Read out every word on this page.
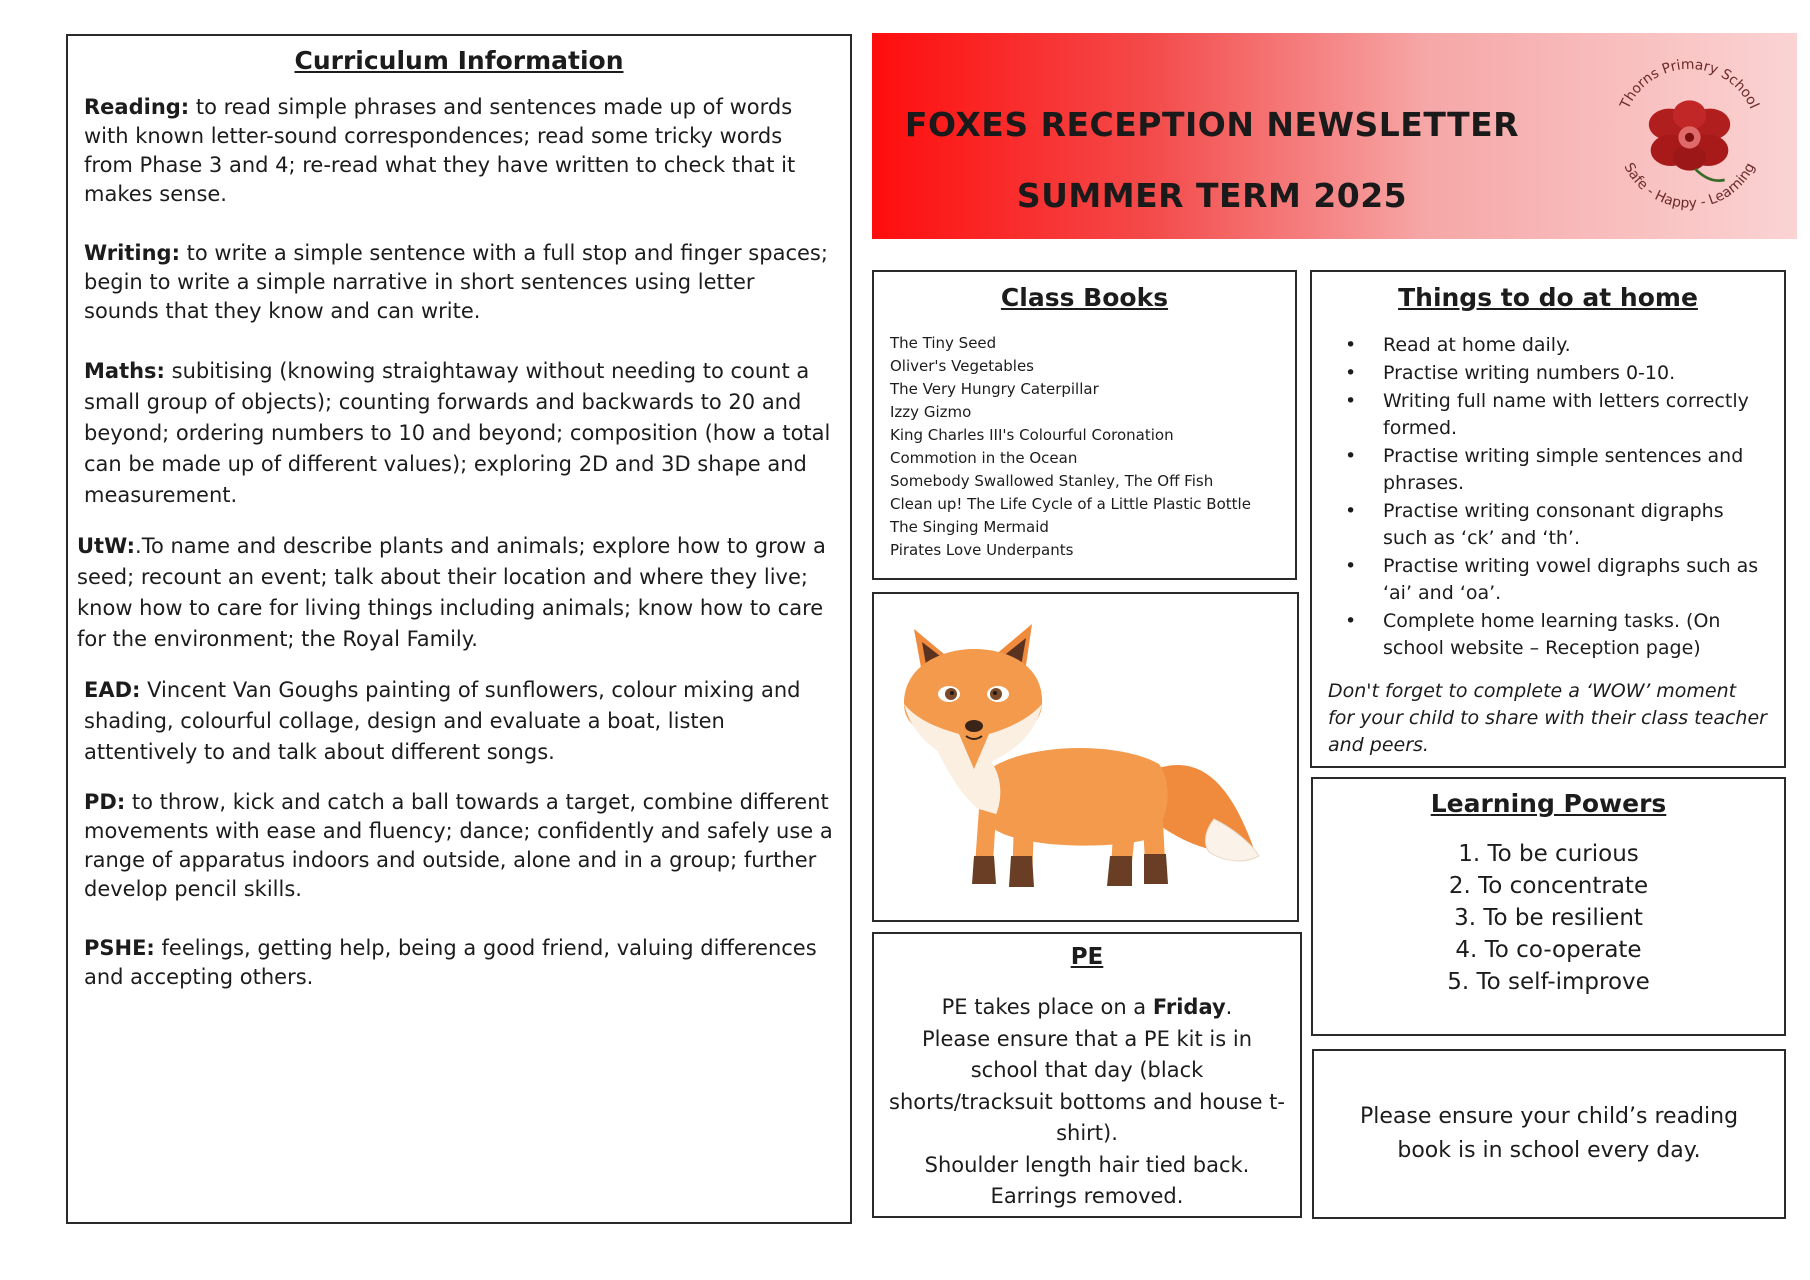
Curriculum Information

Reading: to read simple phrases and sentences made up of words with known letter-sound correspondences; read some tricky words from Phase 3 and 4; re-read what they have written to check that it makes sense.

Writing: to write a simple sentence with a full stop and finger spaces; begin to write a simple narrative in short sentences using letter sounds that they know and can write.

Maths: subitising (knowing straightaway without needing to count a small group of objects); counting forwards and backwards to 20 and beyond; ordering numbers to 10 and beyond; composition (how a total can be made up of different values); exploring 2D and 3D shape and measurement.

UtW:.To name and describe plants and animals; explore how to grow a seed; recount an event; talk about their location and where they live; know how to care for living things including animals; know how to care for the environment; the Royal Family.

EAD: Vincent Van Goughs painting of sunflowers, colour mixing and shading, colourful collage, design and evaluate a boat, listen attentively to and talk about different songs.

PD: to throw, kick and catch a ball towards a target, combine different movements with ease and fluency; dance; confidently and safely use a range of apparatus indoors and outside, alone and in a group; further develop pencil skills.

PSHE: feelings, getting help, being a good friend, valuing differences and accepting others.

FOXES RECEPTION NEWSLETTER
SUMMER TERM 2025
Thorns Primary School
Safe - Happy - Learning
Class Books
The Tiny Seed
Oliver's Vegetables
The Very Hungry Caterpillar
Izzy Gizmo
King Charles III's Colourful Coronation
Commotion in the Ocean
Somebody Swallowed Stanley, The Off Fish
Clean up! The Life Cycle of a Little Plastic Bottle
The Singing Mermaid
Pirates Love Underpants
PE
PE takes place on a Friday.
Please ensure that a PE kit is in school that day (black shorts/tracksuit bottoms and house t-shirt).
Shoulder length hair tied back.
Earrings removed.
Things to do at home
• Read at home daily.
• Practise writing numbers 0-10.
• Writing full name with letters correctly formed.
• Practise writing simple sentences and phrases.
• Practise writing consonant digraphs such as ‘ck’ and ‘th’.
• Practise writing vowel digraphs such as ‘ai’ and ‘oa’.
• Complete home learning tasks. (On school website – Reception page)
Don't forget to complete a ‘WOW’ moment for your child to share with their class teacher and peers.
Learning Powers
1. To be curious
2. To concentrate
3. To be resilient
4. To co-operate
5. To self-improve
Please ensure your child’s reading book is in school every day.
